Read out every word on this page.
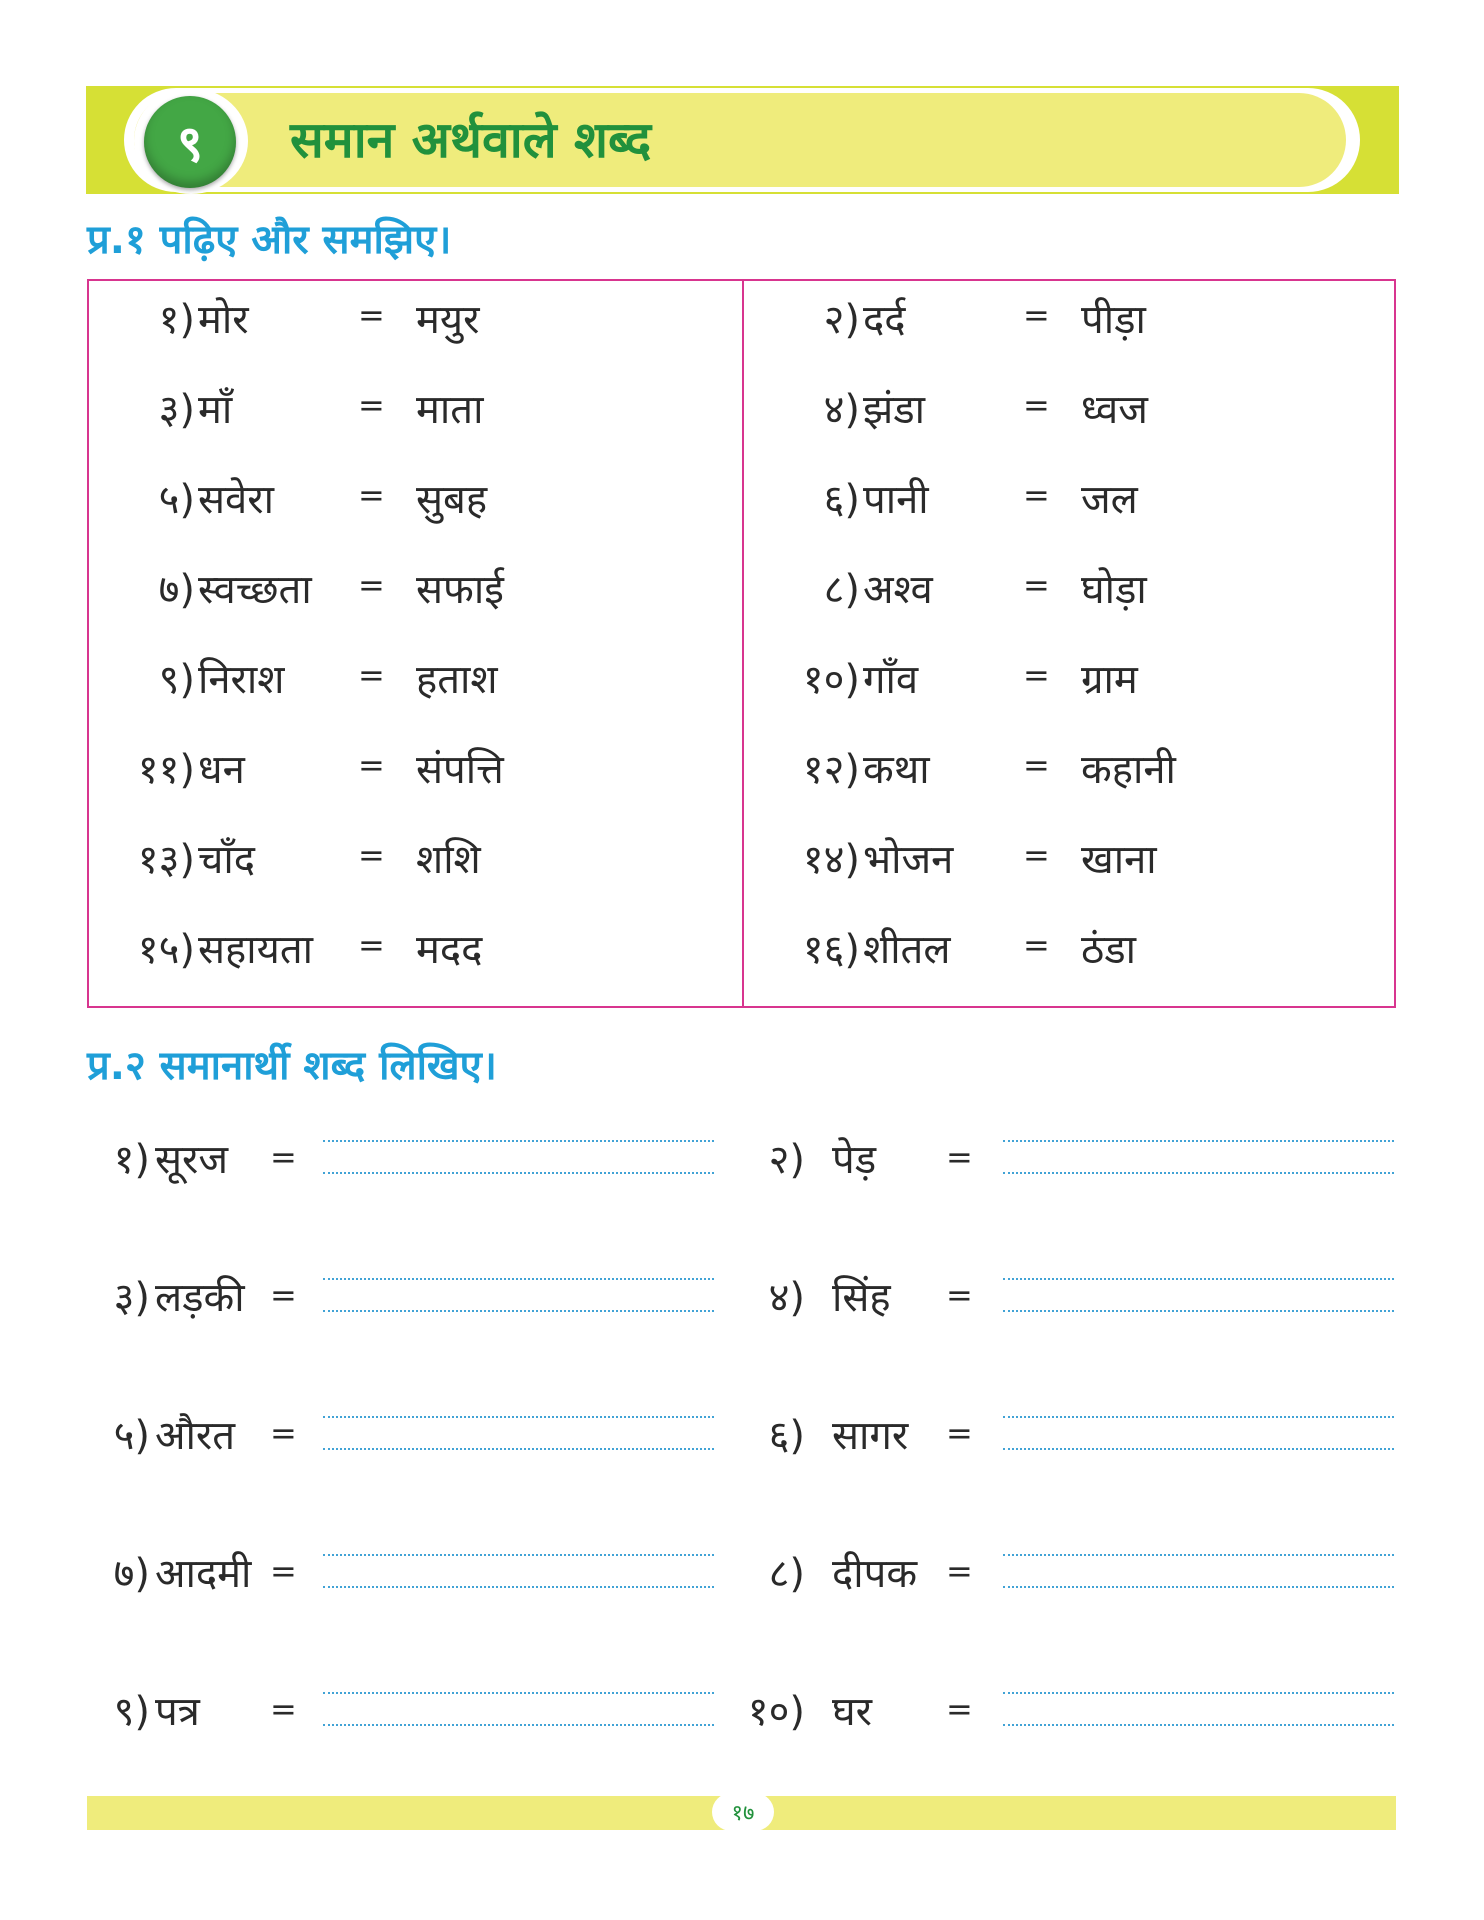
९	समान अर्थवाले शब्द
प्र.१ पढ़िए और समझिए।
१) मोर	= मयुर	२) दर्द	= पीड़ा
३) माँ	= माता	४) झंडा	= ध्वज
५) सवेरा	= सुबह	६) पानी	= जल
७) स्वच्छता = सफाई	८) अश्व	= घोड़ा
९) निराश = हताश	१०) गाँव	= ग्राम
११) धन	= संपत्ति	१२) कथा	= कहानी
१३) चाँद	= शशि	१४) भोजन = खाना
१५) सहायता = मदद	१६) शीतल = ठंडा
प्र.२ समानार्थी शब्द लिखिए।
१) सूरज =	२) पेड़ =
३) लड़की =	४) सिंह =
५) औरत =	६) सागर =
७) आदमी =	८) दीपक =
९) पत्र =	१०) घर =
१७
